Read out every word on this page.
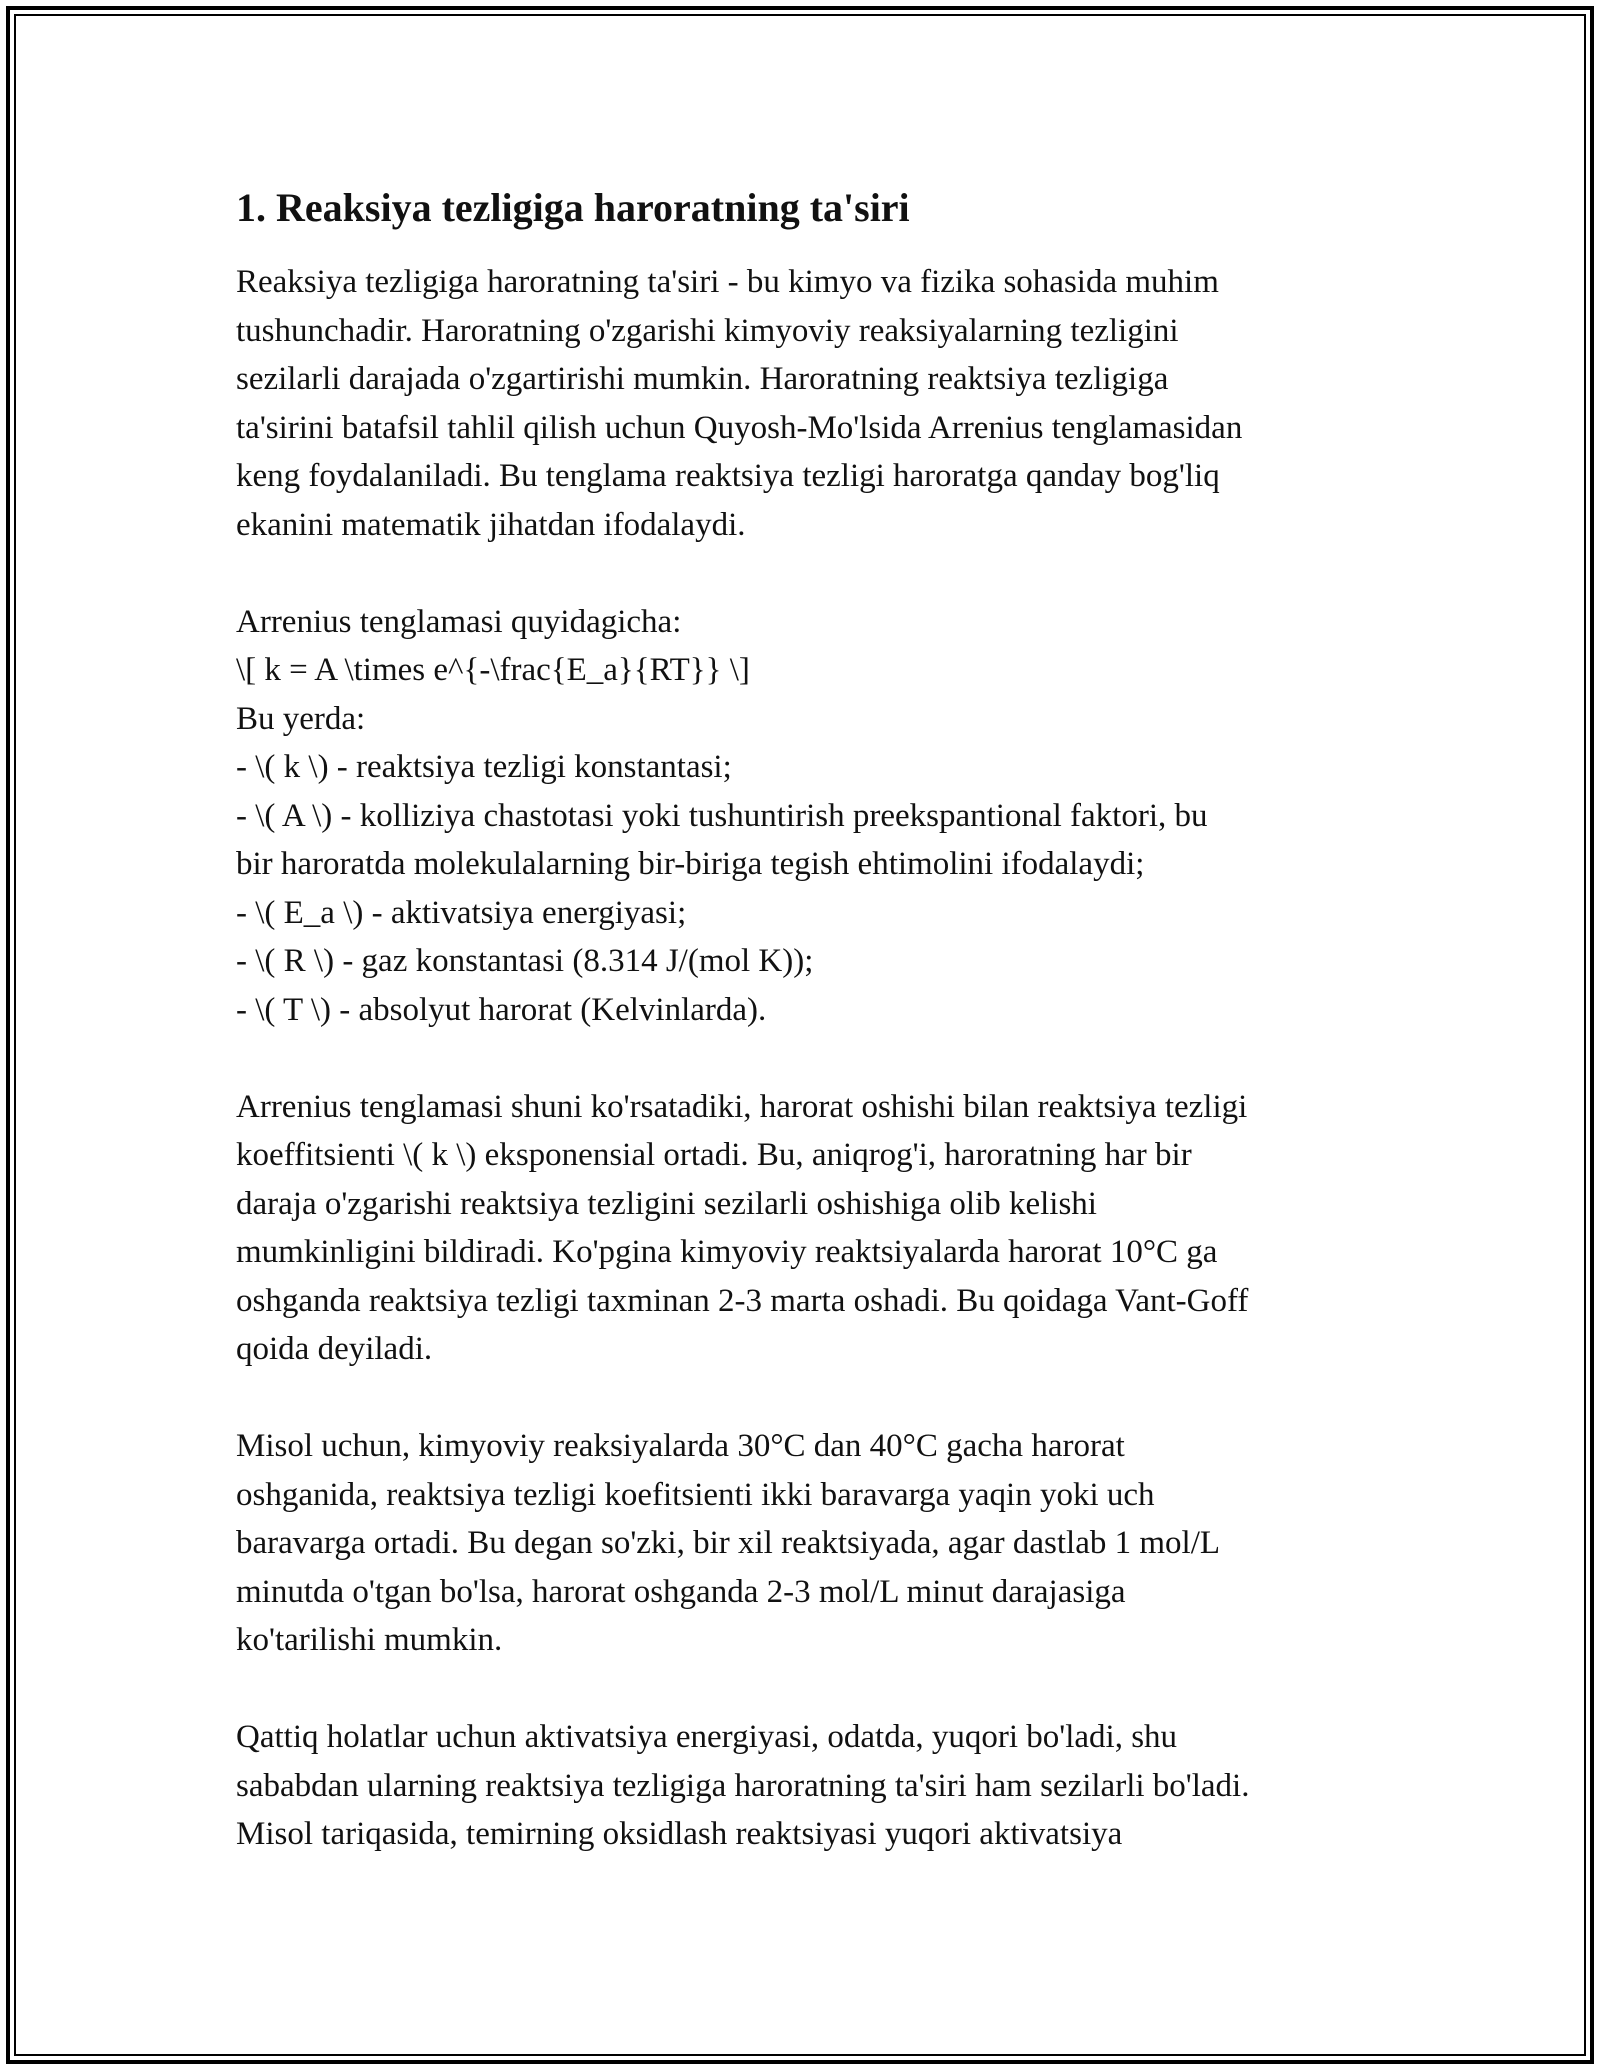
1. Reaksiya tezligiga haroratning ta'siri
Reaksiya tezligiga haroratning ta'siri - bu kimyo va fizika sohasida muhim
tushunchadir. Haroratning o'zgarishi kimyoviy reaksiyalarning tezligini
sezilarli darajada o'zgartirishi mumkin. Haroratning reaktsiya tezligiga
ta'sirini batafsil tahlil qilish uchun Quyosh-Mo'lsida Arrenius tenglamasidan
keng foydalaniladi. Bu tenglama reaktsiya tezligi haroratga qanday bog'liq
ekanini matematik jihatdan ifodalaydi.
Arrenius tenglamasi quyidagicha:
\[ k = A \times e^{-\frac{E_a}{RT}} \]
Bu yerda:
- \( k \) - reaktsiya tezligi konstantasi;
- \( A \) - kolliziya chastotasi yoki tushuntirish preekspantional faktori, bu
bir haroratda molekulalarning bir-biriga tegish ehtimolini ifodalaydi;
- \( E_a \) - aktivatsiya energiyasi;
- \( R \) - gaz konstantasi (8.314 J/(mol K));
- \( T \) - absolyut harorat (Kelvinlarda).
Arrenius tenglamasi shuni ko'rsatadiki, harorat oshishi bilan reaktsiya tezligi
koeffitsienti \( k \) eksponensial ortadi. Bu, aniqrog'i, haroratning har bir
daraja o'zgarishi reaktsiya tezligini sezilarli oshishiga olib kelishi
mumkinligini bildiradi. Ko'pgina kimyoviy reaktsiyalarda harorat 10°C ga
oshganda reaktsiya tezligi taxminan 2-3 marta oshadi. Bu qoidaga Vant-Goff
qoida deyiladi.
Misol uchun, kimyoviy reaksiyalarda 30°C dan 40°C gacha harorat
oshganida, reaktsiya tezligi koefitsienti ikki baravarga yaqin yoki uch
baravarga ortadi. Bu degan so'zki, bir xil reaktsiyada, agar dastlab 1 mol/L
minutda o'tgan bo'lsa, harorat oshganda 2-3 mol/L minut darajasiga
ko'tarilishi mumkin.
Qattiq holatlar uchun aktivatsiya energiyasi, odatda, yuqori bo'ladi, shu
sababdan ularning reaktsiya tezligiga haroratning ta'siri ham sezilarli bo'ladi.
Misol tariqasida, temirning oksidlash reaktsiyasi yuqori aktivatsiya
